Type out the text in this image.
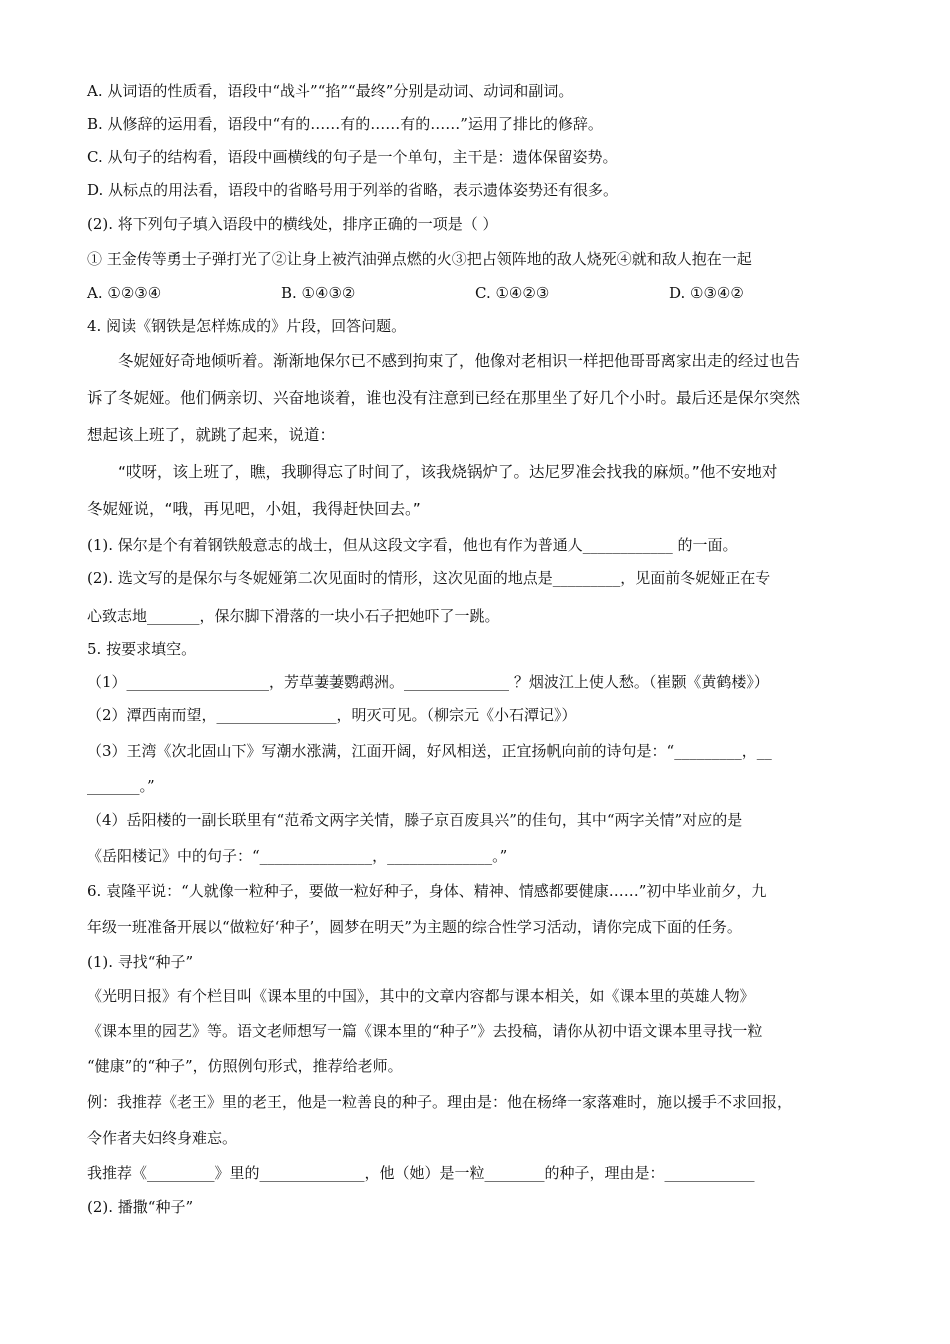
A. 从词语的性质看，语段中“战斗”“掐”“最终”分别是动词、动词和副词。
B. 从修辞的运用看，语段中“有的……有的……有的……”运用了排比的修辞。
C. 从句子的结构看，语段中画横线的句子是一个单句，主干是：遗体保留姿势。
D. 从标点的用法看，语段中的省略号用于列举的省略，表示遗体姿势还有很多。
(2). 将下列句子填入语段中的横线处，排序正确的一项是（ ）
① 王金传等勇士子弹打光了②让身上被汽油弹点燃的火③把占领阵地的敌人烧死④就和敌人抱在一起
A. ①②③④	B. ①④③②	C. ①④②③	D. ①③④②
4. 阅读《钢铁是怎样炼成的》片段，回答问题。
冬妮娅好奇地倾听着。渐渐地保尔已不感到拘束了，他像对老相识一样把他哥哥离家出走的经过也告
诉了冬妮娅。他们俩亲切、兴奋地谈着，谁也没有注意到已经在那里坐了好几个小时。最后还是保尔突然
想起该上班了，就跳了起来，说道：
“哎呀，该上班了，瞧，我聊得忘了时间了，该我烧锅炉了。达尼罗准会找我的麻烦。”他不安地对
冬妮娅说，“哦，再见吧，小姐，我得赶快回去。”
(1). 保尔是个有着钢铁般意志的战士，但从这段文字看，他也有作为普通人____________ 的一面。
(2). 选文写的是保尔与冬妮娅第二次见面时的情形，这次见面的地点是_________，见面前冬妮娅正在专
心致志地_______，保尔脚下滑落的一块小石子把她吓了一跳。
5. 按要求填空。
（1）___________________，芳草萋萋鹦鹉洲。______________ ？烟波江上使人愁。（崔颢《黄鹤楼》）
（2）潭西南而望，________________，明灭可见。（柳宗元《小石潭记》）
（3）王湾《次北固山下》写潮水涨满，江面开阔，好风相送，正宜扬帆向前的诗句是：“_________，__
_______。”
（4）岳阳楼的一副长联里有“范希文两字关情，滕子京百废具兴”的佳句，其中“两字关情”对应的是
《岳阳楼记》中的句子：“_______________，______________。”
6. 袁隆平说：“人就像一粒种子，要做一粒好种子，身体、精神、情感都要健康……”初中毕业前夕，九
年级一班准备开展以“做粒好‘种子’，圆梦在明天”为主题的综合性学习活动，请你完成下面的任务。
(1). 寻找“种子”
《光明日报》有个栏目叫《课本里的中国》，其中的文章内容都与课本相关，如《课本里的英雄人物》
《课本里的园艺》等。语文老师想写一篇《课本里的“种子”》去投稿，请你从初中语文课本里寻找一粒
“健康”的“种子”，仿照例句形式，推荐给老师。
例：我推荐《老王》里的老王，他是一粒善良的种子。理由是：他在杨绛一家落难时，施以援手不求回报，
令作者夫妇终身难忘。
我推荐《_________》里的______________，他（她）是一粒________的种子，理由是：____________
(2). 播撒“种子”
